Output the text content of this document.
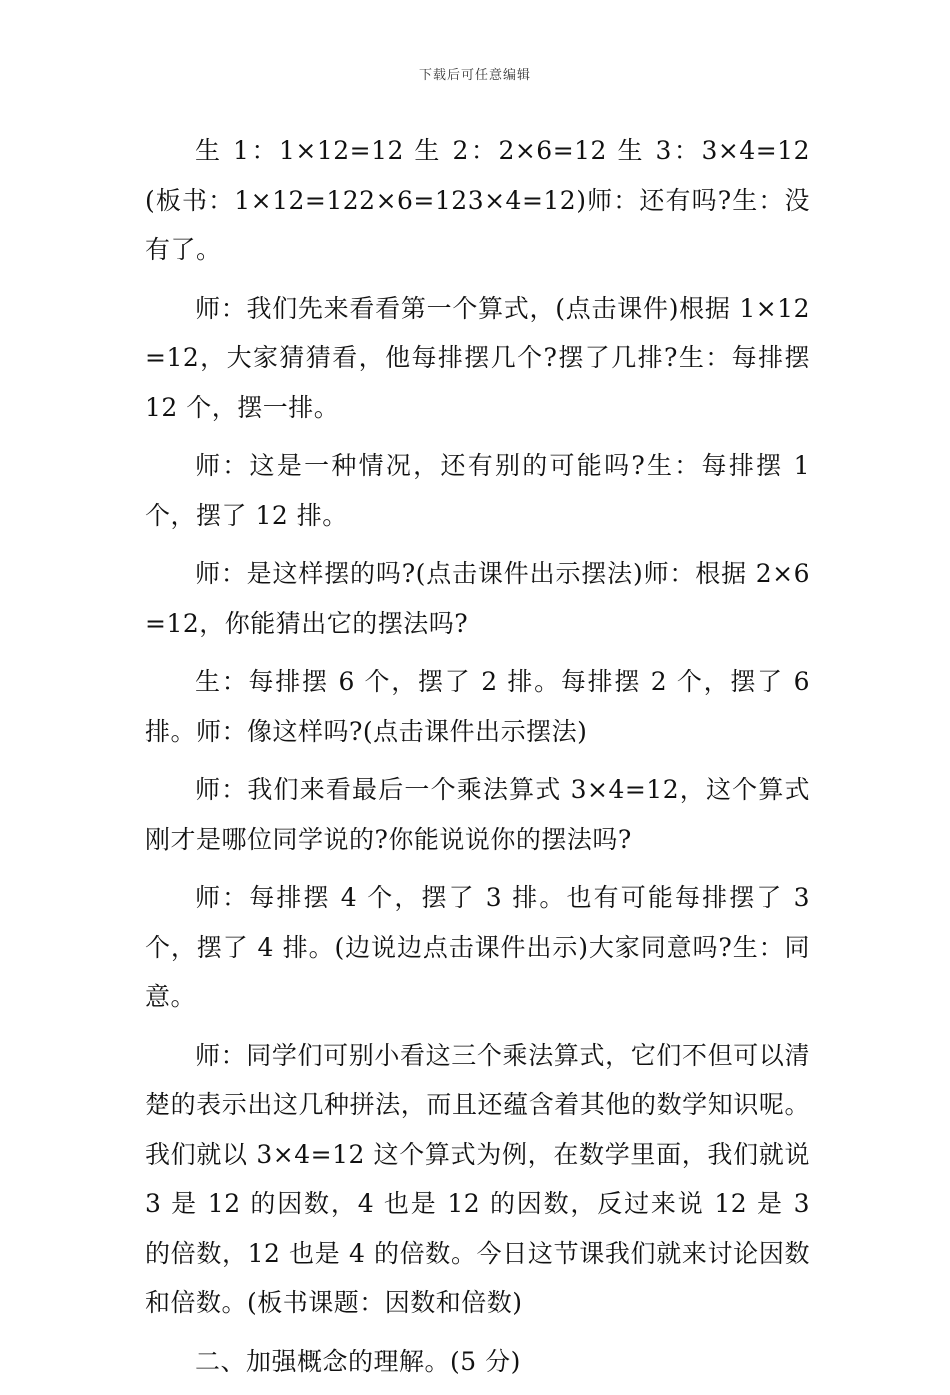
下载后可任意编辑

生 1：1×12=12 生 2：2×6=12 生 3：3×4=12(板书：1×12=122×6=123×4=12)师：还有吗?生：没有了。

师：我们先来看看第一个算式，(点击课件)根据 1×12=12，大家猜猜看，他每排摆几个?摆了几排?生：每排摆 12 个，摆一排。

师：这是一种情况，还有别的可能吗?生：每排摆 1 个，摆了 12 排。

师：是这样摆的吗?(点击课件出示摆法)师：根据 2×6=12，你能猜出它的摆法吗?

生：每排摆 6 个，摆了 2 排。每排摆 2 个，摆了 6 排。师：像这样吗?(点击课件出示摆法)

师：我们来看最后一个乘法算式 3×4=12，这个算式刚才是哪位同学说的?你能说说你的摆法吗?

师：每排摆 4 个，摆了 3 排。也有可能每排摆了 3 个，摆了 4 排。(边说边点击课件出示)大家同意吗?生：同意。

师：同学们可别小看这三个乘法算式，它们不但可以清楚的表示出这几种拼法，而且还蕴含着其他的数学知识呢。我们就以 3×4=12 这个算式为例，在数学里面，我们就说 3 是 12 的因数，4 也是 12 的因数，反过来说 12 是 3 的倍数，12 也是 4 的倍数。今日这节课我们就来讨论因数和倍数。(板书课题：因数和倍数)

二、加强概念的理解。(5 分)
